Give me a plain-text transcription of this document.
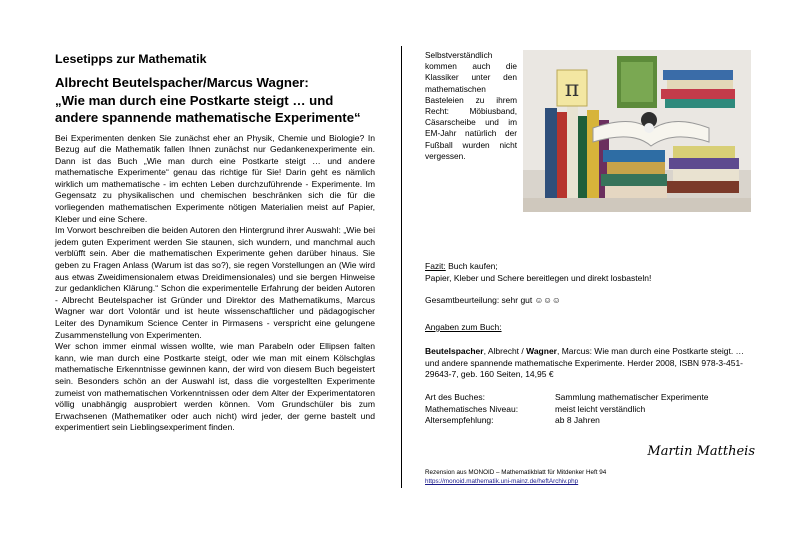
Lesetipps zur Mathematik
Albrecht Beutelspacher/Marcus Wagner:
„Wie man durch eine Postkarte steigt … und
andere spannende mathematische Experimente“

Bei Experimenten denken Sie zunächst eher an Physik, Chemie und Biologie? In Bezug auf die Mathematik fallen Ihnen zunächst nur Gedankenexperimente ein. Dann ist das Buch „Wie man durch eine Postkarte steigt … und andere mathematische Experimente“ genau das richtige für Sie! Darin geht es nämlich wirklich um mathematische - im echten Leben durchzuführende - Experimente. Im Gegensatz zu physikalischen und chemischen beschränken sich die für die vorliegenden mathematischen Experimente nötigen Materialien meist auf Papier, Kleber und eine Schere.

Im Vorwort beschreiben die beiden Autoren den Hintergrund ihrer Auswahl: „Wie bei jedem guten Experiment werden Sie staunen, sich wundern, und manchmal auch verblüfft sein. Aber die mathematischen Experimente gehen darüber hinaus. Sie geben zu Fragen Anlass (Warum ist das so?), sie regen Vorstellungen an (Wie wird aus etwas Zweidimensionalem etwas Dreidimensionales) und sie bergen Hinweise zur gedanklichen Klärung.“ Schon die experimentelle Erfahrung der beiden Autoren - Albrecht Beutelspacher ist Gründer und Direktor des Mathematikums, Marcus Wagner war dort Volontär und ist heute wissenschaftlicher und pädagogischer Leiter des Dynamikum Science Center in Pirmasens - verspricht eine gelungene Zusammenstellung von Experimenten.

Wer schon immer einmal wissen wollte, wie man Parabeln oder Ellipsen falten kann, wie man durch eine Postkarte steigt, oder wie man mit einem Kölschglas mathematische Erkenntnisse gewinnen kann, der wird von diesem Buch begeistert sein. Besonders schön an der Auswahl ist, dass die vorgestellten Experimente zumeist von mathematischen Vorkenntnissen oder dem Alter der Experimentatoren völlig unabhängig ausprobiert werden können. Vom Grundschüler bis zum Erwachsenen (Mathematiker oder auch nicht) wird jeder, der gerne bastelt und experimentiert sein Lieblingsexperiment finden.

Selbstverständlich kommen auch die Klassiker unter den mathematischen Basteleien zu ihrem Recht: Möbiusband, Cäsarscheibe und im EM-Jahr natürlich der Fußball wurden nicht vergessen.
π
Fazit: Buch kaufen;
Papier, Kleber und Schere bereitlegen und direkt losbasteln!
Gesamtbeurteilung: sehr gut ☺☺☺
Angaben zum Buch:
Beutelspacher, Albrecht / Wagner, Marcus: Wie man durch eine Postkarte steigt. … und andere spannende mathematische Experimente. Herder 2008, ISBN 978-3-451-29643-7, geb. 160 Seiten, 14,95 €
Art des Buches:	Sammlung mathematischer Experimente
Mathematisches Niveau:	meist leicht verständlich
Altersempfehlung:	ab 8 Jahren
Martin Mattheis
Rezension aus MONOID – Mathematikblatt für Mitdenker Heft 94
https://monoid.mathematik.uni-mainz.de/heftArchiv.php
